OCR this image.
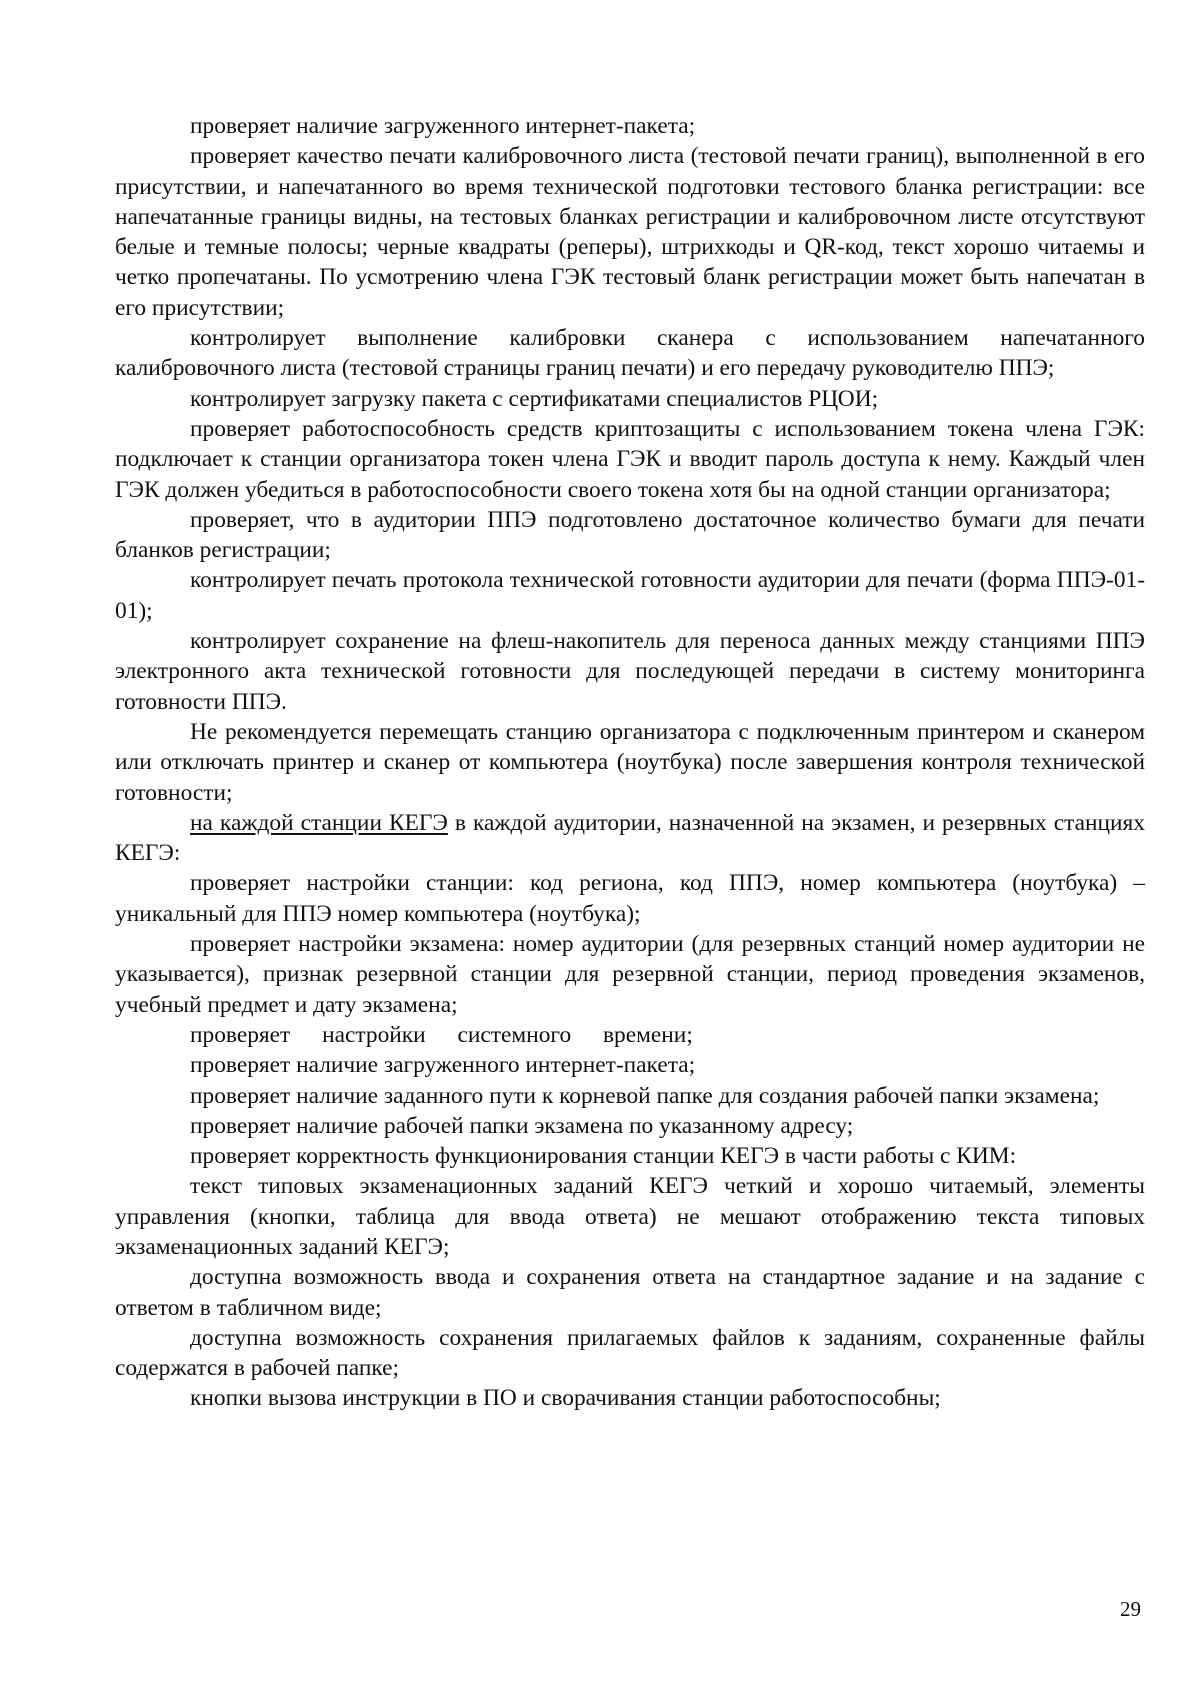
проверяет наличие загруженного интернет-пакета;

проверяет качество печати калибровочного листа (тестовой печати границ), выполненной в его присутствии, и напечатанного во время технической подготовки тестового бланка регистрации: все напечатанные границы видны, на тестовых бланках регистрации и калибровочном листе отсутствуют белые и темные полосы; черные квадраты (реперы), штрихкоды и QR-код, текст хорошо читаемы и четко пропечатаны. По усмотрению члена ГЭК тестовый бланк регистрации может быть напечатан в его присутствии;

контролирует выполнение калибровки сканера с использованием напечатанного калибровочного листа (тестовой страницы границ печати) и его передачу руководителю ППЭ;

контролирует загрузку пакета с сертификатами специалистов РЦОИ;

проверяет работоспособность средств криптозащиты с использованием токена члена ГЭК: подключает к станции организатора токен члена ГЭК и вводит пароль доступа к нему. Каждый член ГЭК должен убедиться в работоспособности своего токена хотя бы на одной станции организатора;

проверяет, что в аудитории ППЭ подготовлено достаточное количество бумаги для печати бланков регистрации;

контролирует печать протокола технической готовности аудитории для печати (форма ППЭ-01-01);

контролирует сохранение на флеш-накопитель для переноса данных между станциями ППЭ электронного акта технической готовности для последующей передачи в систему мониторинга готовности ППЭ.

Не рекомендуется перемещать станцию организатора с подключенным принтером и сканером или отключать принтер и сканер от компьютера (ноутбука) после завершения контроля технической готовности;

на каждой станции КЕГЭ в каждой аудитории, назначенной на экзамен, и резервных станциях КЕГЭ:

проверяет настройки станции: код региона, код ППЭ, номер компьютера (ноутбука) – уникальный для ППЭ номер компьютера (ноутбука);

проверяет настройки экзамена: номер аудитории (для резервных станций номер аудитории не указывается), признак резервной станции для резервной станции, период проведения экзаменов, учебный предмет и дату экзамена;

проверяет настройки системного времени;

проверяет наличие загруженного интернет-пакета;

проверяет наличие заданного пути к корневой папке для создания рабочей папки экзамена;

проверяет наличие рабочей папки экзамена по указанному адресу;

проверяет корректность функционирования станции КЕГЭ в части работы с КИМ:

текст типовых экзаменационных заданий КЕГЭ четкий и хорошо читаемый, элементы управления (кнопки, таблица для ввода ответа) не мешают отображению текста типовых экзаменационных заданий КЕГЭ;

доступна возможность ввода и сохранения ответа на стандартное задание и на задание с ответом в табличном виде;

доступна возможность сохранения прилагаемых файлов к заданиям, сохраненные файлы содержатся в рабочей папке;

кнопки вызова инструкции в ПО и сворачивания станции работоспособны;

29
